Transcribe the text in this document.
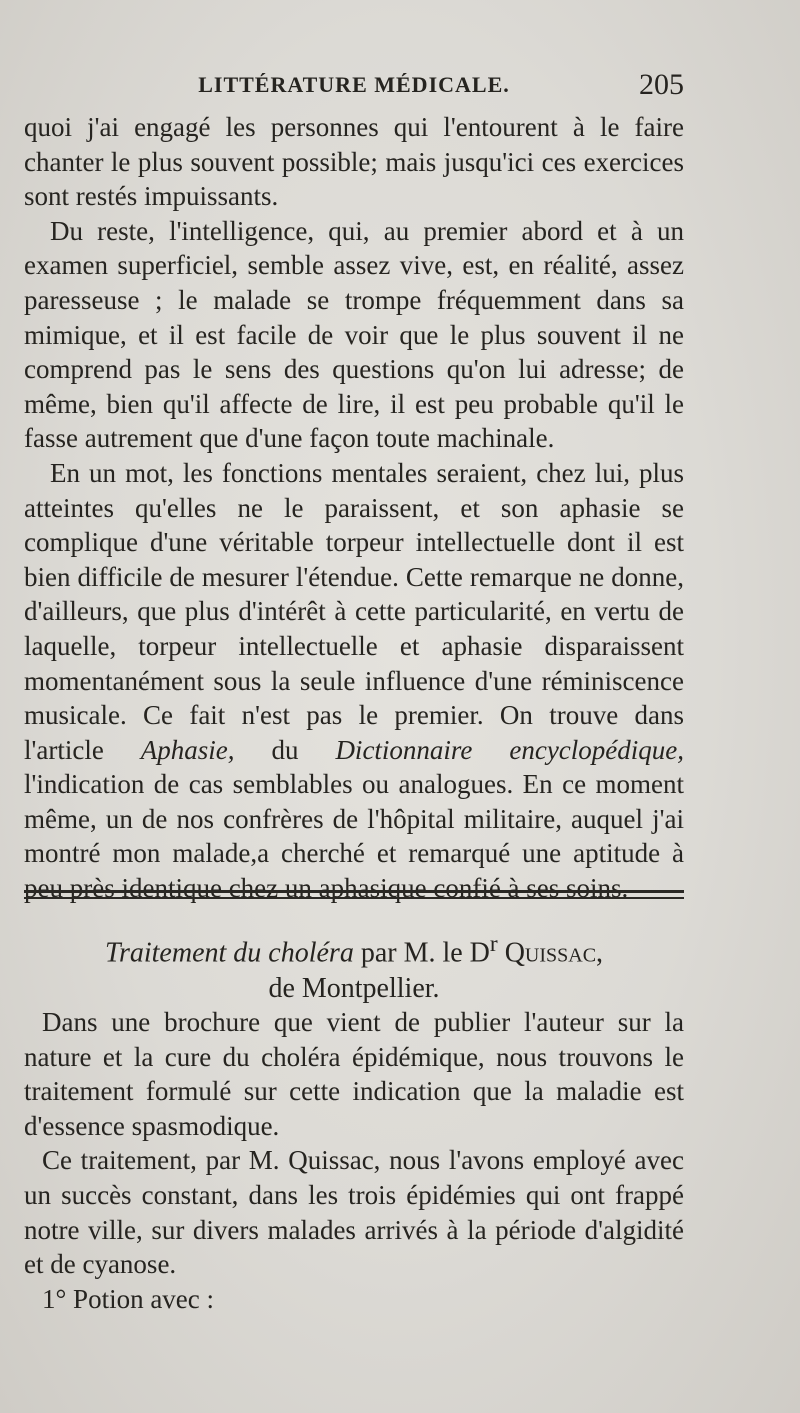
LITTÉRATURE MÉDICALE.	205

quoi j'ai engagé les personnes qui l'entourent à le faire chanter le plus souvent possible; mais jusqu'ici ces exercices sont restés impuissants.

Du reste, l'intelligence, qui, au premier abord et à un examen superficiel, semble assez vive, est, en réalité, assez paresseuse ; le malade se trompe fréquemment dans sa mimique, et il est facile de voir que le plus souvent il ne comprend pas le sens des questions qu'on lui adresse; de même, bien qu'il affecte de lire, il est peu probable qu'il le fasse autrement que d'une façon toute machinale.

En un mot, les fonctions mentales seraient, chez lui, plus atteintes qu'elles ne le paraissent, et son aphasie se complique d'une véritable torpeur intellectuelle dont il est bien difficile de mesurer l'étendue. Cette remarque ne donne, d'ailleurs, que plus d'intérêt à cette particularité, en vertu de laquelle, torpeur intellectuelle et aphasie disparaissent momentanément sous la seule influence d'une réminiscence musicale. Ce fait n'est pas le premier. On trouve dans l'article Aphasie, du Dictionnaire encyclopédique, l'indication de cas semblables ou analogues. En ce moment même, un de nos confrères de l'hôpital militaire, auquel j'ai montré mon malade,a cherché et remarqué une aptitude à peu près identique chez un aphasique confié à ses soins.

Traitement du choléra par M. le $D^r$ Quissac,
de Montpellier.

Dans une brochure que vient de publier l'auteur sur la nature et la cure du choléra épidémique, nous trouvons le traitement formulé sur cette indication que la maladie est d'essence spasmodique.

Ce traitement, par M. Quissac, nous l'avons employé avec un succès constant, dans les trois épidémies qui ont frappé notre ville, sur divers malades arrivés à la période d'algidité et de cyanose.

1° Potion avec :
